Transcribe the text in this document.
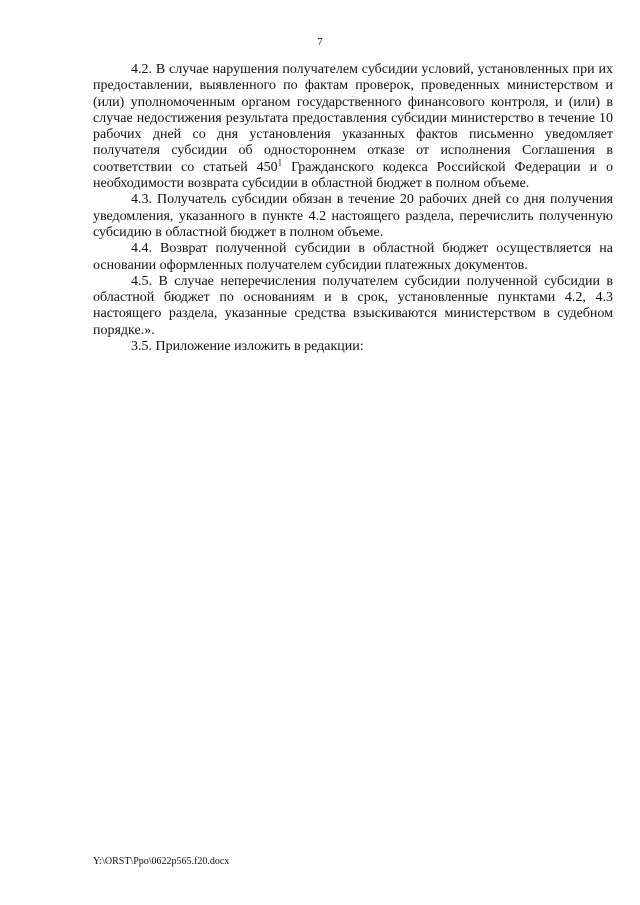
7

4.2. В случае нарушения получателем субсидии условий, установленных при их предоставлении, выявленного по фактам проверок, проведенных министерством и (или) уполномоченным органом государственного финансового контроля, и (или) в случае недостижения результата предоставления субсидии министерство в течение 10 рабочих дней со дня установления указанных фактов письменно уведомляет получателя субсидии об одностороннем отказе от исполнения Соглашения в соответствии со статьей $450^1$ Гражданского кодекса Российской Федерации и о необходимости возврата субсидии в областной бюджет в полном объеме.

4.3. Получатель субсидии обязан в течение 20 рабочих дней со дня получения уведомления, указанного в пункте 4.2 настоящего раздела, перечислить полученную субсидию в областной бюджет в полном объеме.

4.4. Возврат полученной субсидии в областной бюджет осуществляется на основании оформленных получателем субсидии платежных документов.

4.5. В случае неперечисления получателем субсидии полученной субсидии в областной бюджет по основаниям и в срок, установленные пунктами 4.2, 4.3 настоящего раздела, указанные средства взыскиваются министерством в судебном порядке.».

3.5. Приложение изложить в редакции:

Y:\ORST\Ppo\0622p565.f20.docx
